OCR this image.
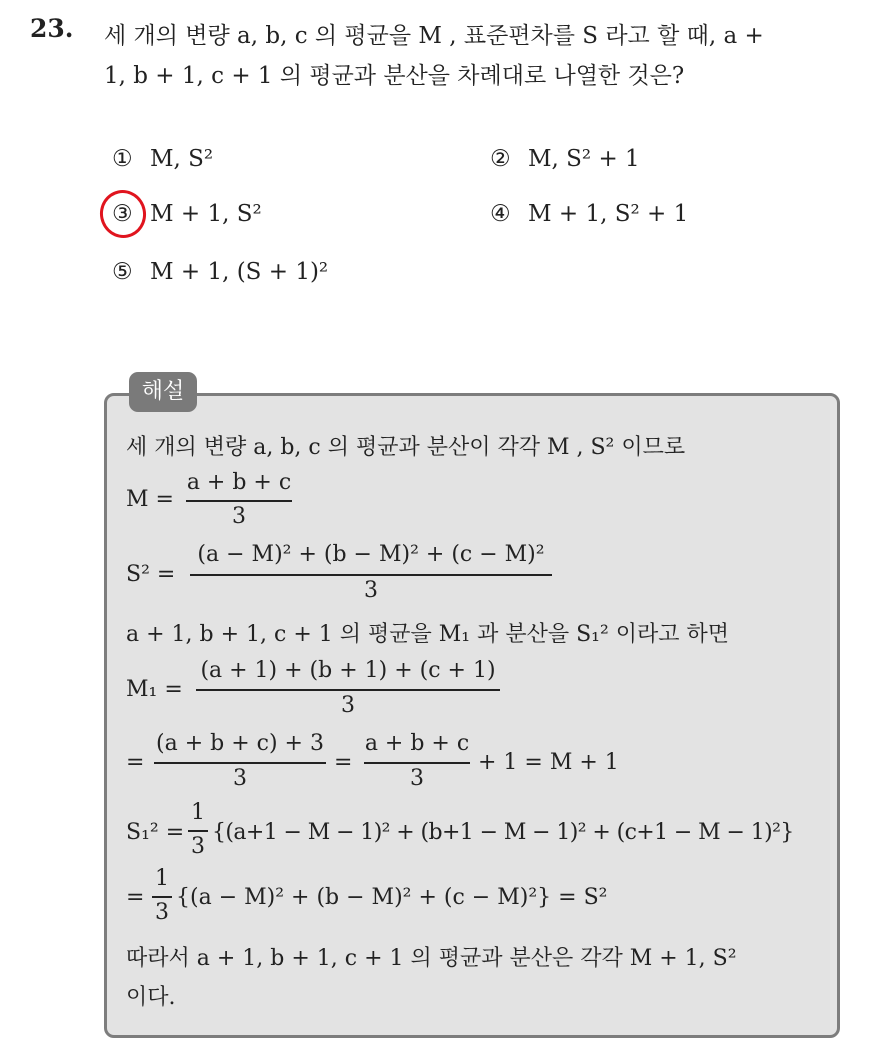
23. 세 개의 변량 a, b, c 의 평균을 M , 표준편차를 S 라고 할 때, a +
1, b + 1, c + 1 의 평균과 분산을 차례대로 나열한 것은?
① M, S²	② M, S² + 1
③ M + 1, S²	④ M + 1, S² + 1
⑤ M + 1, (S + 1)²
해설
세 개의 변량 a, b, c 의 평균과 분산이 각각 M , S² 이므로
M =
a + b + c
3
S² =
(a − M)² + (b − M)² + (c − M)²
3
a + 1, b + 1, c + 1 의 평균을 M₁ 과 분산을 S₁² 이라고 하면
M₁ =
(a + 1) + (b + 1) + (c + 1)
3
=
(a + b + c) + 3
3
=
a + b + c
3
+ 1 = M + 1
S₁² =
1
3
{(a+1 − M − 1)² + (b+1 − M − 1)² + (c+1 − M − 1)²}
=
1
3
{(a − M)² + (b − M)² + (c − M)²} = S²
따라서 a + 1, b + 1, c + 1 의 평균과 분산은 각각 M + 1, S²
이다.
